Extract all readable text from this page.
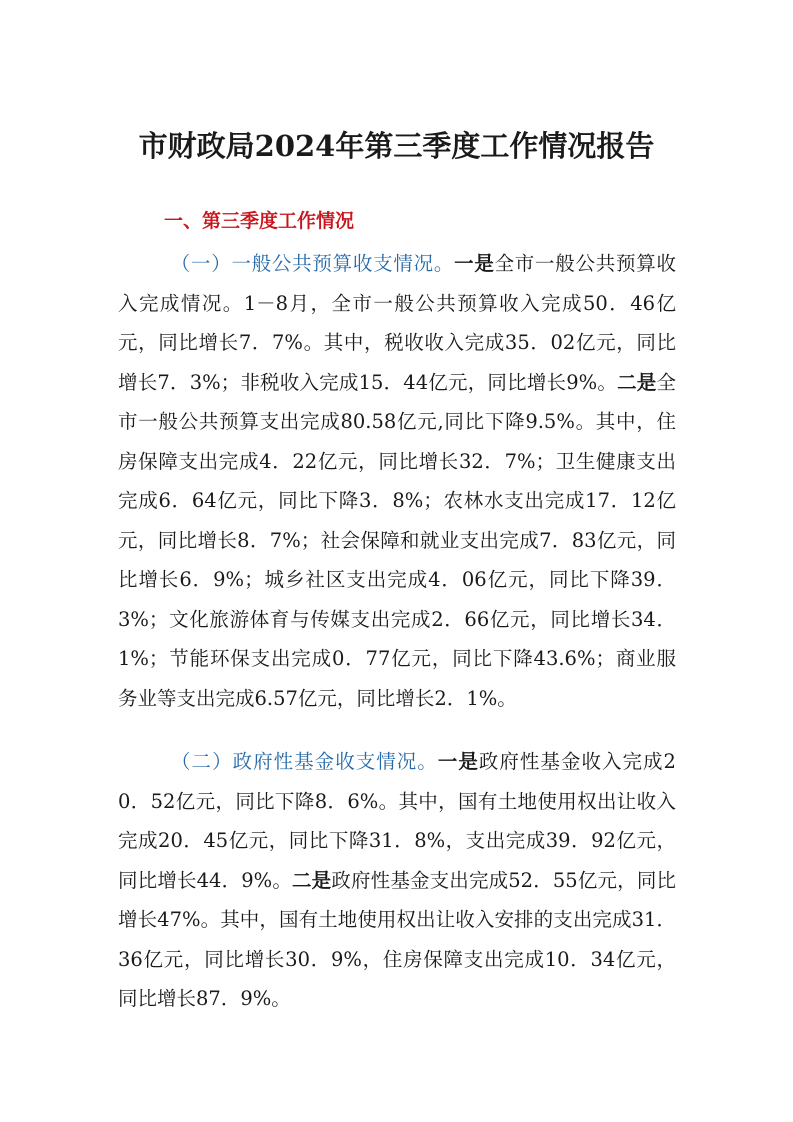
市财政局2024年第三季度工作情况报告
一、第三季度工作情况
（一）一般公共预算收支情况。一是全市一般公共预算收入完成情况。1－8月，全市一般公共预算收入完成50．46亿元，同比增长7．7%。其中，税收收入完成35．02亿元，同比增长7．3%；非税收入完成15．44亿元，同比增长9%。二是全市一般公共预算支出完成80.58亿元,同比下降9.5%。其中，住房保障支出完成4．22亿元，同比增长32．7%；卫生健康支出完成6．64亿元，同比下降3．8%；农林水支出完成17．12亿元，同比增长8．7%；社会保障和就业支出完成7．83亿元，同比增长6．9%；城乡社区支出完成4．06亿元，同比下降39．3%；文化旅游体育与传媒支出完成2．66亿元，同比增长34．1%；节能环保支出完成0．77亿元，同比下降43.6%；商业服务业等支出完成6.57亿元，同比增长2．1%。
（二）政府性基金收支情况。一是政府性基金收入完成20．52亿元，同比下降8．6%。其中，国有土地使用权出让收入完成20．45亿元，同比下降31．8%，支出完成39．92亿元，同比增长44．9%。二是政府性基金支出完成52．55亿元，同比增长47%。其中，国有土地使用权出让收入安排的支出完成31．36亿元，同比增长30．9%，住房保障支出完成10．34亿元，同比增长87．9%。
